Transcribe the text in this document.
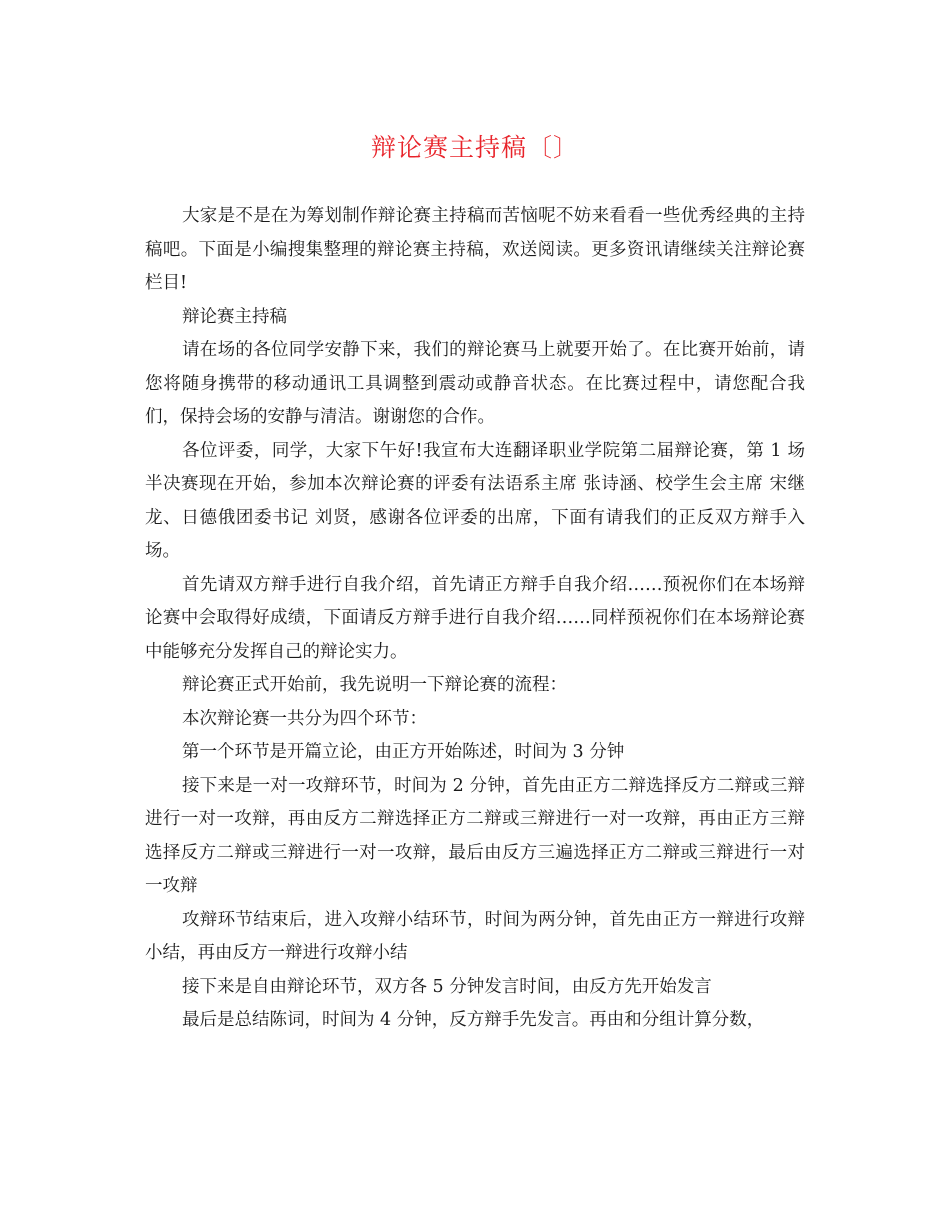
辩论赛主持稿〔〕

大家是不是在为筹划制作辩论赛主持稿而苦恼呢不妨来看看一些优秀经典的主持稿吧。下面是小编搜集整理的辩论赛主持稿，欢送阅读。更多资讯请继续关注辩论赛栏目!

辩论赛主持稿

请在场的各位同学安静下来，我们的辩论赛马上就要开始了。在比赛开始前，请您将随身携带的移动通讯工具调整到震动或静音状态。在比赛过程中，请您配合我们，保持会场的安静与清洁。谢谢您的合作。

各位评委，同学，大家下午好!我宣布大连翻译职业学院第二届辩论赛，第 1 场半决赛现在开始，参加本次辩论赛的评委有法语系主席 张诗涵、校学生会主席 宋继龙、日德俄团委书记 刘贤，感谢各位评委的出席，下面有请我们的正反双方辩手入场。

首先请双方辩手进行自我介绍，首先请正方辩手自我介绍……预祝你们在本场辩论赛中会取得好成绩，下面请反方辩手进行自我介绍……同样预祝你们在本场辩论赛中能够充分发挥自己的辩论实力。

辩论赛正式开始前，我先说明一下辩论赛的流程：

本次辩论赛一共分为四个环节：

第一个环节是开篇立论，由正方开始陈述，时间为 3 分钟

接下来是一对一攻辩环节，时间为 2 分钟，首先由正方二辩选择反方二辩或三辩进行一对一攻辩，再由反方二辩选择正方二辩或三辩进行一对一攻辩，再由正方三辩选择反方二辩或三辩进行一对一攻辩，最后由反方三遍选择正方二辩或三辩进行一对一攻辩

攻辩环节结束后，进入攻辩小结环节，时间为两分钟，首先由正方一辩进行攻辩小结，再由反方一辩进行攻辩小结

接下来是自由辩论环节，双方各 5 分钟发言时间，由反方先开始发言

最后是总结陈词，时间为 4 分钟，反方辩手先发言。再由和分组计算分数，
